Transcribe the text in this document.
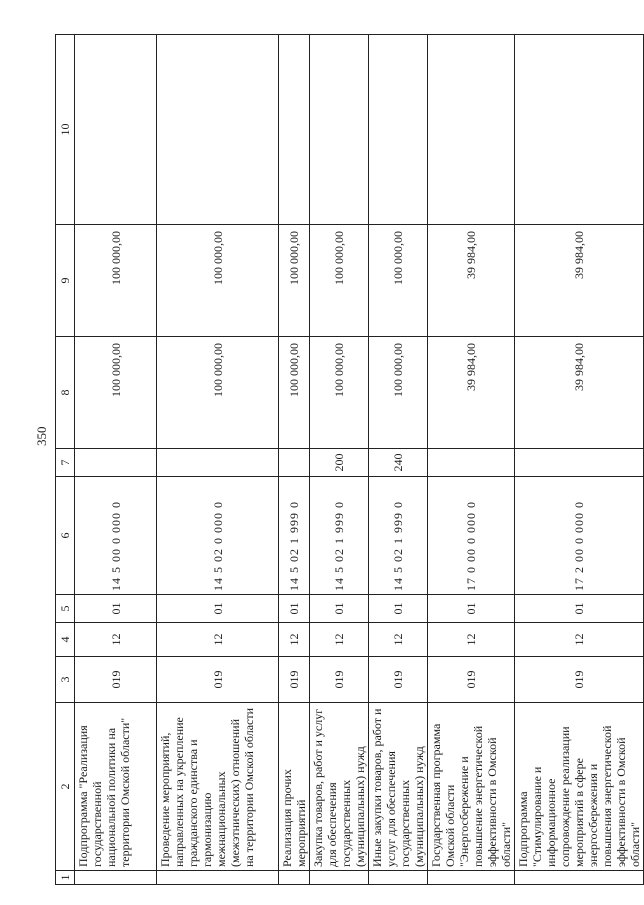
350
1	2	3	4	5	6	7	8	9	10
	Подпрограмма "Реализация государственной национальной политики на территории Омской области"	019	12	01	14 5 00 0 000 0		100 000,00	100 000,00	
	Проведение мероприятий, направленных на укрепление гражданского единства и гармонизацию межнациональных (межэтнических) отношений на территории Омской области	019	12	01	14 5 02 0 000 0		100 000,00	100 000,00	
	Реализация прочих мероприятий	019	12	01	14 5 02 1 999 0		100 000,00	100 000,00	
	Закупка товаров, работ и услуг для обеспечения государственных (муниципальных) нужд	019	12	01	14 5 02 1 999 0	200	100 000,00	100 000,00	
	Иные закупки товаров, работ и услуг для обеспечения государственных (муниципальных) нужд	019	12	01	14 5 02 1 999 0	240	100 000,00	100 000,00	
	Государственная программа Омской области "Энергосбережение и повышение энергетической эффективности в Омской области"	019	12	01	17 0 00 0 000 0		39 984,00	39 984,00	
	Подпрограмма "Стимулирование и информационное сопровождение реализации мероприятий в сфере энергосбережения и повышения энергетической эффективности в Омской области"	019	12	01	17 2 00 0 000 0		39 984,00	39 984,00	
